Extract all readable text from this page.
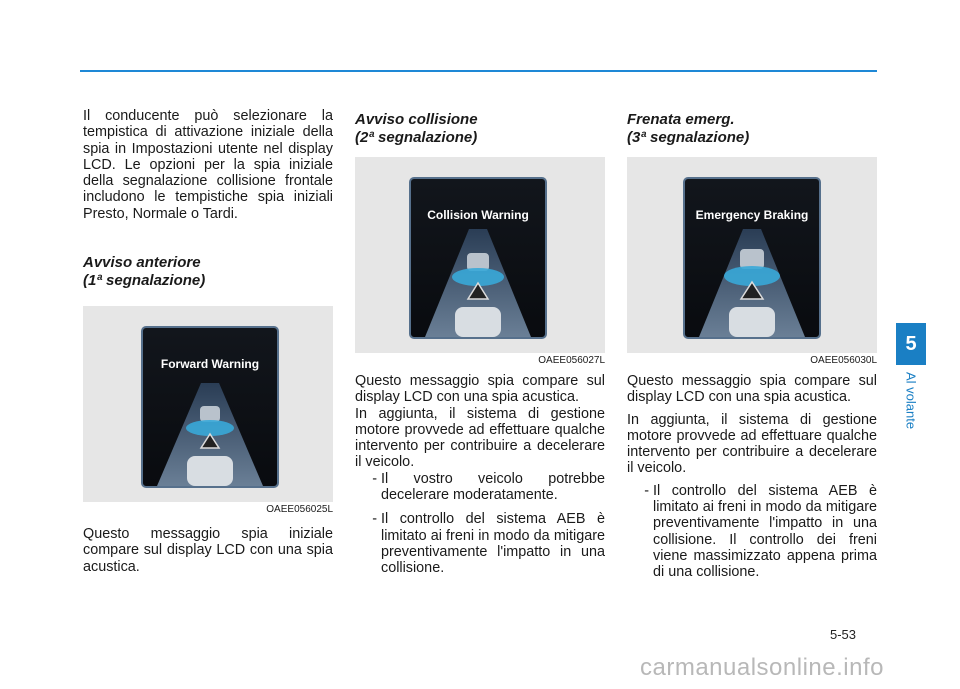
Il conducente può selezionare la tempistica di attivazione iniziale della spia in Impostazioni utente nel display LCD. Le opzioni per la spia iniziale della segnalazione collisione frontale includono le tempistiche spia iniziali Presto, Normale o Tardi.

Avviso anteriore
(1ª segnalazione)
Forward Warning

OAEE056025L

Questo messaggio spia iniziale compare sul display LCD con una spia acustica.

Avviso collisione
(2ª segnalazione)
Collision Warning

OAEE056027L

Questo messaggio spia compare sul display LCD con una spia acustica.

In aggiunta, il sistema di gestione motore provvede ad effettuare qualche intervento per contribuire a decelerare il veicolo.

- Il vostro veicolo potrebbe decelerare moderatamente.

- Il controllo del sistema AEB è limitato ai freni in modo da mitigare preventivamente l'impatto in una collisione.

Frenata emerg.
(3ª segnalazione)
Emergency Braking

OAEE056030L

Questo messaggio spia compare sul display LCD con una spia acustica.

In aggiunta, il sistema di gestione motore provvede ad effettuare qualche intervento per contribuire a decelerare il veicolo.

- Il controllo del sistema AEB è limitato ai freni in modo da mitigare preventivamente l'impatto in una collisione. Il controllo dei freni viene massimizzato appena prima di una collisione.

5
Al volante
5-53
carmanualsonline.info
